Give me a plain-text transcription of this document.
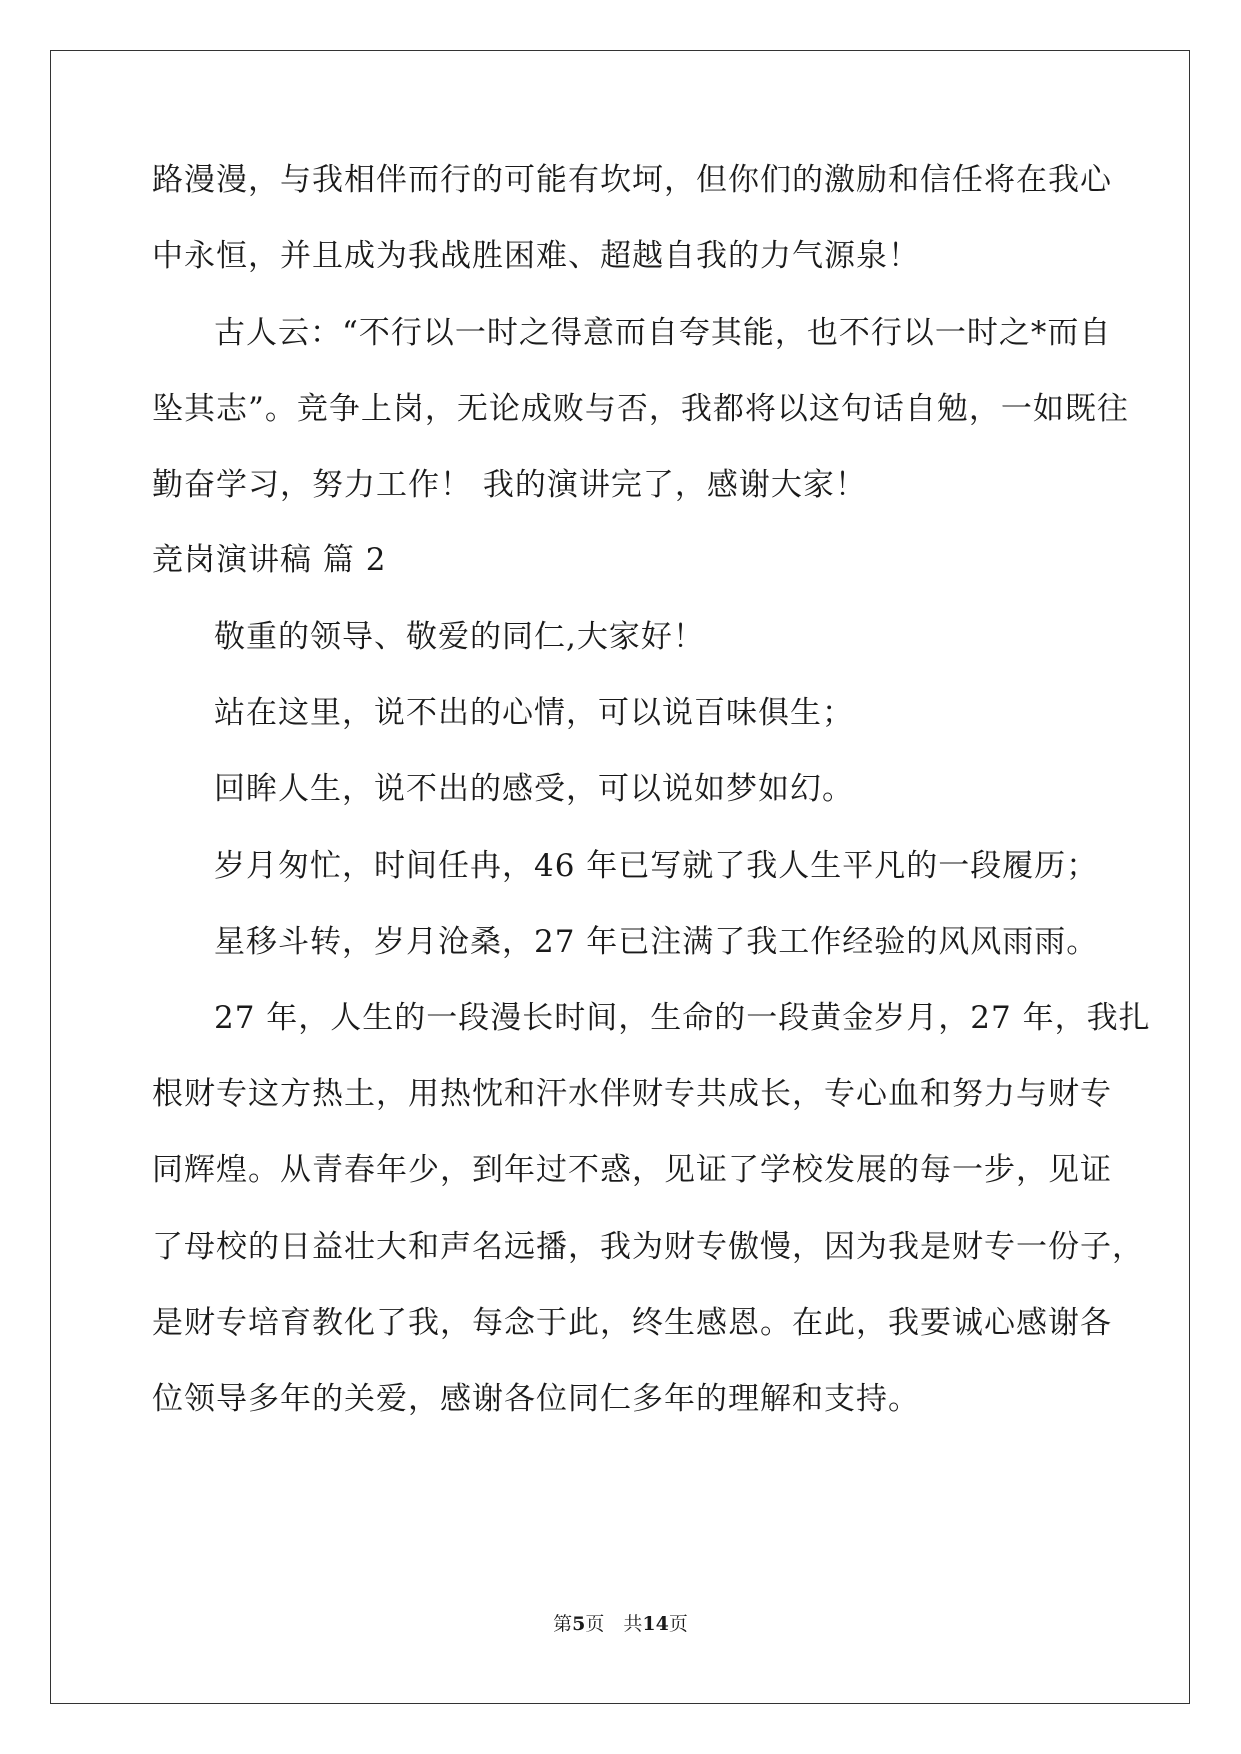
路漫漫，与我相伴而行的可能有坎坷，但你们的激励和信任将在我心
中永恒，并且成为我战胜困难、超越自我的力气源泉！
古人云：“不行以一时之得意而自夸其能，也不行以一时之*而自
坠其志”。竞争上岗，无论成败与否，我都将以这句话自勉，一如既往
勤奋学习，努力工作！ 我的演讲完了，感谢大家！
竞岗演讲稿 篇 2
敬重的领导、敬爱的同仁,大家好！
站在这里，说不出的心情，可以说百味俱生；
回眸人生，说不出的感受，可以说如梦如幻。
岁月匆忙，时间任冉，46 年已写就了我人生平凡的一段履历；
星移斗转，岁月沧桑，27 年已注满了我工作经验的风风雨雨。
27 年，人生的一段漫长时间，生命的一段黄金岁月，27 年，我扎
根财专这方热土，用热忱和汗水伴财专共成长，专心血和努力与财专
同辉煌。从青春年少，到年过不惑，见证了学校发展的每一步，见证
了母校的日益壮大和声名远播，我为财专傲慢，因为我是财专一份子，
是财专培育教化了我，每念于此，终生感恩。在此，我要诚心感谢各
位领导多年的关爱，感谢各位同仁多年的理解和支持。
第5页　共14页
